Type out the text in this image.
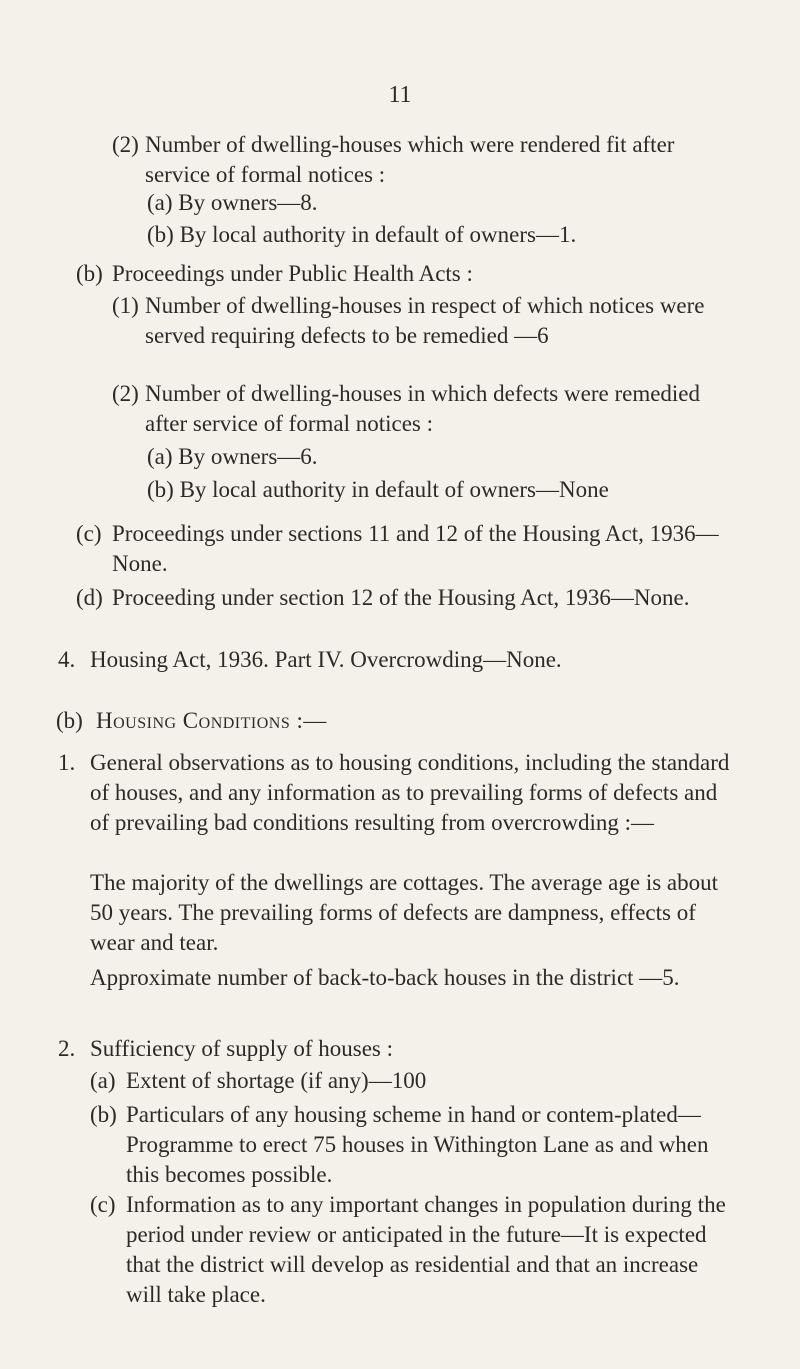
11
(2) Number of dwelling-houses which were rendered fit after service of formal notices :
(a) By owners—8.
(b) By local authority in default of owners—1.
(b) Proceedings under Public Health Acts :
(1) Number of dwelling-houses in respect of which notices were served requiring defects to be remedied —6
(2) Number of dwelling-houses in which defects were remedied after service of formal notices :
(a) By owners—6.
(b) By local authority in default of owners—None
(c) Proceedings under sections 11 and 12 of the Housing Act, 1936—None.
(d) Proceeding under section 12 of the Housing Act, 1936—None.
4. Housing Act, 1936. Part IV. Overcrowding—None.
(b) Housing Conditions :—
1. General observations as to housing conditions, including the standard of houses, and any information as to prevailing forms of defects and of prevailing bad conditions resulting from overcrowding :—
The majority of the dwellings are cottages. The average age is about 50 years. The prevailing forms of defects are dampness, effects of wear and tear.
Approximate number of back-to-back houses in the district —5.
2. Sufficiency of supply of houses :
(a) Extent of shortage (if any)—100
(b) Particulars of any housing scheme in hand or contem-plated—Programme to erect 75 houses in Withington Lane as and when this becomes possible.
(c) Information as to any important changes in population during the period under review or anticipated in the future—It is expected that the district will develop as residential and that an increase will take place.
